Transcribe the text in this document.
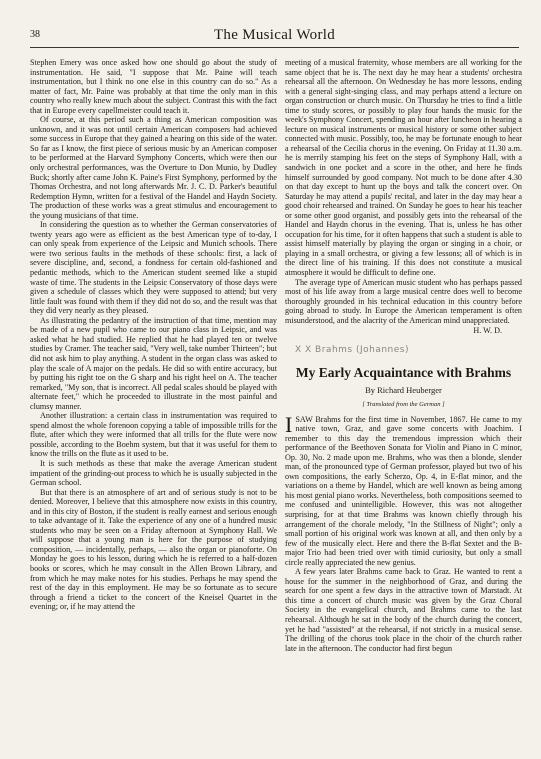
38	The Musical World

Stephen Emery was once asked how one should go about the study of instrumentation. He said, "I suppose that Mr. Paine will teach instrumentation, but I think no one else in this country can do so." As a matter of fact, Mr. Paine was probably at that time the only man in this country who really knew much about the subject. Contrast this with the fact that in Europe every capellmeister could teach it.

Of course, at this period such a thing as American composition was unknown, and it was not until certain American composers had achieved some success in Europe that they gained a hearing on this side of the water. So far as I know, the first piece of serious music by an American composer to be performed at the Harvard Symphony Concerts, which were then our only orchestral performances, was the Overture to Don Munio, by Dudley Buck; shortly after came John K. Paine's First Symphony, performed by the Thomas Orchestra, and not long afterwards Mr. J. C. D. Parker's beautiful Redemption Hymn, written for a festival of the Handel and Haydn Society. The production of these works was a great stimulus and encouragement to the young musicians of that time.

In considering the question as to whether the German conservatories of twenty years ago were as efficient as the best American type of to-day, I can only speak from experience of the Leipsic and Munich schools. There were two serious faults in the methods of these schools: first, a lack of severe discipline, and, second, a fondness for certain old-fashioned and pedantic methods, which to the American student seemed like a stupid waste of time. The students in the Leipsic Conservatory of those days were given a schedule of classes which they were supposed to attend; but very little fault was found with them if they did not do so, and the result was that they did very nearly as they pleased.

As illustrating the pedantry of the instruction of that time, mention may be made of a new pupil who came to our piano class in Leipsic, and was asked what he had studied. He replied that he had played ten or twelve studies by Cramer. The teacher said, "Very well, take number Thirteen"; but did not ask him to play anything. A student in the organ class was asked to play the scale of A major on the pedals. He did so with entire accuracy, but by putting his right toe on the G sharp and his right heel on A. The teacher remarked, "My son, that is incorrect. All pedal scales should be played with alternate feet," which he proceeded to illustrate in the most painful and clumsy manner.

Another illustration: a certain class in instrumentation was required to spend almost the whole forenoon copying a table of impossible trills for the flute, after which they were informed that all trills for the flute were now possible, according to the Boehm system, but that it was useful for them to know the trills on the flute as it used to be.

It is such methods as these that make the average American student impatient of the grinding-out process to which he is usually subjected in the German school.

But that there is an atmosphere of art and of serious study is not to be denied. Moreover, I believe that this atmosphere now exists in this country, and in this city of Boston, if the student is really earnest and serious enough to take advantage of it. Take the experience of any one of a hundred music students who may be seen on a Friday afternoon at Symphony Hall. We will suppose that a young man is here for the purpose of studying composition, — incidentally, perhaps, — also the organ or pianoforte. On Monday he goes to his lesson, during which he is referred to a half-dozen books or scores, which he may consult in the Allen Brown Library, and from which he may make notes for his studies. Perhaps he may spend the rest of the day in this employment. He may be so fortunate as to secure through a friend a ticket to the concert of the Kneisel Quartet in the evening; or, if he may attend the

meeting of a musical fraternity, whose members are all working for the same object that he is. The next day he may hear a students' orchestra rehearsal all the afternoon. On Wednesday he has more lessons, ending with a general sight-singing class, and may perhaps attend a lecture on organ construction or church music. On Thursday he tries to find a little time to study scores, or possibly to play four hands the music for the week's Symphony Concert, spending an hour after luncheon in hearing a lecture on musical instruments or musical history or some other subject connected with music. Possibly, too, he may be fortunate enough to hear a rehearsal of the Cecilia chorus in the evening. On Friday at 11.30 a.m. he is merrily stamping his feet on the steps of Symphony Hall, with a sandwich in one pocket and a score in the other, and here he finds himself surrounded by good company. Not much to be done after 4.30 on that day except to hunt up the boys and talk the concert over. On Saturday he may attend a pupils' recital, and later in the day may hear a good choir rehearsed and trained. On Sunday he goes to hear his teacher or some other good organist, and possibly gets into the rehearsal of the Handel and Haydn chorus in the evening. That is, unless he has other occupation for his time, for it often happens that such a student is able to assist himself materially by playing the organ or singing in a choir, or playing in a small orchestra, or giving a few lessons; all of which is in the direct line of his training. If this does not constitute a musical atmosphere it would be difficult to define one.

The average type of American music student who has perhaps passed most of his life away from a large musical centre does well to become thoroughly grounded in his technical education in this country before going abroad to study. In Europe the American temperament is often misunderstood, and the alacrity of the American mind unappreciated.

H. W. D.
X X Brahms (Johannes)
My Early Acquaintance with Brahms
By Richard Heuberger
[ Translated from the German ]

ISAW Brahms for the first time in November, 1867. He came to my native town, Graz, and gave some concerts with Joachim. I remember to this day the tremendous impression which their performance of the Beethoven Sonata for Violin and Piano in C minor, Op. 30, No. 2 made upon me. Brahms, who was then a blonde, slender man, of the pronounced type of German professor, played but two of his own compositions, the early Scherzo, Op. 4, in E-flat minor, and the variations on a theme by Handel, which are well known as being among his most genial piano works. Nevertheless, both compositions seemed to me confused and unintelligible. However, this was not altogether surprising, for at that time Brahms was known chiefly through his arrangement of the chorale melody, "In the Stillness of Night"; only a small portion of his original work was known at all, and then only by a few of the musically elect. Here and there the B-flat Sextet and the B-major Trio had been tried over with timid curiosity, but only a small circle really appreciated the new genius.

A few years later Brahms came back to Graz. He wanted to rent a house for the summer in the neighborhood of Graz, and during the search for one spent a few days in the attractive town of Marstadt. At this time a concert of church music was given by the Graz Choral Society in the evangelical church, and Brahms came to the last rehearsal. Although he sat in the body of the church during the concert, yet he had "assisted" at the rehearsal, if not strictly in a musical sense. The drilling of the chorus took place in the choir of the church rather late in the afternoon. The conductor had first begun
